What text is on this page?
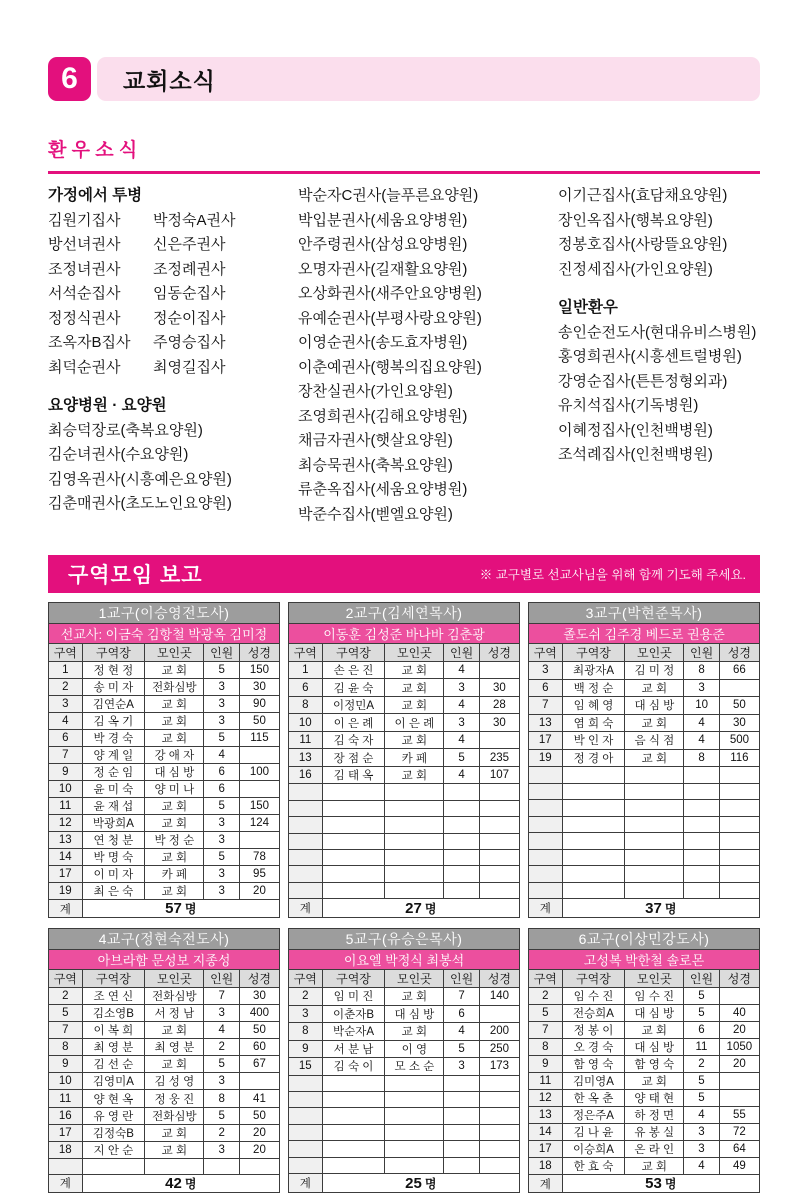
6	교회소식
환 우 소 식
가정에서 투병
김원기집사	박정숙A권사
방선녀권사	신은주권사
조정녀권사	조정례권사
서석순집사	임동순집사
정정식권사	정순이집사
조옥자B집사	주영승집사
최덕순권사	최영길집사
요양병원 · 요양원
최승덕장로(축복요양원)
김순녀권사(수요양원)
김영옥권사(시흥예은요양원)
김춘매권사(초도노인요양원)
박순자C권사(늘푸른요양원)
박입분권사(세움요양병원)
안주령권사(삼성요양병원)
오명자권사(길재활요양원)
오상화권사(새주안요양병원)
유예순권사(부평사랑요양원)
이영순권사(송도효자병원)
이춘예권사(행복의집요양원)
장찬실권사(가인요양원)
조영희권사(김해요양병원)
채금자권사(햇살요양원)
최승묵권사(축복요양원)
류춘옥집사(세움요양병원)
박준수집사(벧엘요양원)
이기근집사(효담채요양원)
장인옥집사(행복요양원)
정봉호집사(사랑뜰요양원)
진정세집사(가인요양원)
일반환우
송인순전도사(현대유비스병원)
홍영희권사(시흥센트럴병원)
강영순집사(튼튼정형외과)
유치석집사(기독병원)
이혜정집사(인천백병원)
조석례집사(인천백병원)
구역모임 보고	※ 교구별로 선교사님을 위해 함께 기도해 주세요.
1교구(이승영전도사)				
선교사: 이금숙 김항철 박광옥 김미정				
구역	구역장	모인곳	인원	성경
1	정 현 정	교 회	5	150
2	송 미 자	전화심방	3	30
3	김연순A	교 회	3	90
4	김 옥 기	교 회	3	50
6	박 경 숙	교 회	5	115
7	양 계 일	강 애 자	4	
9	정 순 임	대 심 방	6	100
10	윤 미 숙	양 미 나	6	
11	윤 재 섭	교 회	5	150
12	박광희A	교 회	3	124
13	연 청 분	박 정 순	3	
14	박 명 숙	교 회	5	78
17	이 미 자	카 페	3	95
19	최 은 숙	교 회	3	20
계	57 명			
2교구(김세연목사)				
이동훈 김성준 바나바 김춘광				
구역	구역장	모인곳	인원	성경
1	손 은 진	교 회	4	
6	김 윤 숙	교 회	3	30
8	이정민A	교 회	4	28
10	이 은 례	이 은 례	3	30
11	김 숙 자	교 회	4	
13	장 점 순	카 페	5	235
16	김 태 옥	교 회	4	107

계	27 명			
3교구(박현준목사)				
졸도쉬 김주경 베드로 권용준				
구역	구역장	모인곳	인원	성경
3	최광자A	김 미 정	8	66
6	백 정 순	교 회	3	
7	임 혜 영	대 심 방	10	50
13	염 희 숙	교 회	4	30
17	박 인 자	음 식 점	4	500
19	정 경 아	교 회	8	116

계	37 명			
4교구(정현숙전도사)				
아브라함 문성보 지종성				
구역	구역장	모인곳	인원	성경
2	조 연 신	전화심방	7	30
5	김소영B	서 정 남	3	400
7	이 복 희	교 회	4	50
8	최 영 분	최 영 분	2	60
9	김 선 순	교 회	5	67
10	김영미A	김 성 영	3	
11	양 현 옥	정 웅 진	8	41
16	유 영 란	전화심방	5	50
17	김정숙B	교 회	2	20
18	지 안 순	교 회	3	20

계	42 명			
5교구(유승은목사)				
이요엘 박정식 최봉석				
구역	구역장	모인곳	인원	성경
2	임 미 진	교 회	7	140
3	이춘자B	대 심 방	6	
8	박순자A	교 회	4	200
9	서 분 남	이 영	5	250
15	김 숙 이	모 소 순	3	173

계	25 명			
6교구(이상민강도사)				
고성복 박한철 솔로몬				
구역	구역장	모인곳	인원	성경
2	임 수 진	임 수 진	5	
5	전승희A	대 심 방	5	40
7	정 봉 이	교 회	6	20
8	오 경 숙	대 심 방	11	1050
9	함 영 숙	함 영 숙	2	20
11	김미영A	교 회	5	
12	한 옥 춘	양 태 현	5	
13	정은주A	하 정 면	4	55
14	김 나 윤	유 봉 실	3	72
17	이승희A	온 라 인	3	64
18	한 효 숙	교 회	4	49
계	53 명			
